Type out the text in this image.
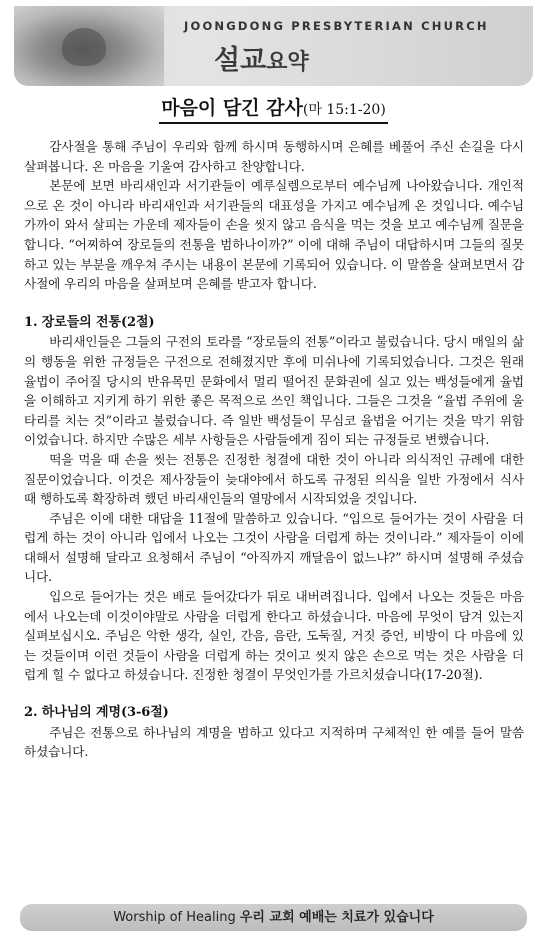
JOONGDONG PRESBYTERIAN CHURCH
설교요약
마음이 담긴 감사(마 15:1-20)

감사절을 통해 주님이 우리와 함께 하시며 동행하시며 은혜를 베풀어 주신 손길을 다시 살펴봅니다. 온 마음을 기울여 감사하고 찬양합니다.

본문에 보면 바리새인과 서기관들이 예루실렘으로부터 예수님께 나아왔습니다. 개인적으로 온 것이 아니라 바리새인과 서기관들의 대표성을 가지고 예수님께 온 것입니다. 예수님 가까이 와서 살피는 가운데 제자들이 손을 씻지 않고 음식을 먹는 것을 보고 예수님께 질문을 합니다. “어찌하여 장로들의 전통을 범하나이까?” 이에 대해 주님이 대답하시며 그들의 질못하고 있는 부분을 깨우쳐 주시는 내용이 본문에 기록되어 있습니다. 이 말씀을 살펴보면서 감사절에 우리의 마음을 살펴보며 은혜를 받고자 합니다.

1. 장로들의 전통(2절)

바리새인들은 그들의 구전의 토라를 “장로들의 전통”이라고 불렀습니다. 당시 매일의 삶의 행동을 위한 규정들은 구전으로 전해졌지만 후에 미쉬나에 기록되었습니다. 그것은 원래 율법이 주어질 당시의 반유목민 문화에서 멀리 떨어진 문화권에 실고 있는 백성들에게 율법을 이해하고 지키게 하기 위한 좋은 목적으로 쓰인 책입니다. 그들은 그것을 “율법 주위에 울타리를 치는 것”이라고 불렀습니다. 즉 일반 백성들이 무심코 율법을 어기는 것을 막기 위함이었습니다. 하지만 수많은 세부 사항들은 사람들에게 짐이 되는 규정들로 변했습니다.

떡을 먹을 때 손을 씻는 전통은 진정한 청결에 대한 것이 아니라 의식적인 규례에 대한 질문이었습니다. 이것은 제사장들이 늦대야에서 하도록 규정된 의식을 일반 가정에서 식사 때 행하도록 확장하려 했던 바리새인들의 열망에서 시작되었을 것입니다.

주님은 이에 대한 대답을 11절에 말씀하고 있습니다. “입으로 들어가는 것이 사람을 더럽게 하는 것이 아니라 입에서 나오는 그것이 사람을 더럽게 하는 것이니라.” 제자들이 이에 대해서 설명해 달라고 요청해서 주님이 “아직까지 깨달음이 없느냐?” 하시며 설명해 주셨습니다.

입으로 들어가는 것은 배로 들어갔다가 뒤로 내버려집니다. 입에서 나오는 것들은 마음에서 나오는데 이것이야말로 사람을 더럽게 한다고 하셨습니다. 마음에 무엇이 담겨 있는지 실펴보십시오. 주님은 악한 생각, 실인, 간음, 음란, 도둑질, 거짓 증언, 비방이 다 마음에 있는 것들이며 이런 것들이 사람을 더럽게 하는 것이고 씻지 않은 손으로 먹는 것은 사람을 더럽게 힐 수 없다고 하셨습니다. 진정한 청결이 무엇인가를 가르치셨습니다(17-20절).

2. 하나님의 계명(3-6절)

주님은 전통으로 하나님의 계명을 범하고 있다고 지적하며 구체적인 한 예를 들어 말씀하셨습니다.

Worship of Healing 우리 교회 예배는 치료가 있습니다
